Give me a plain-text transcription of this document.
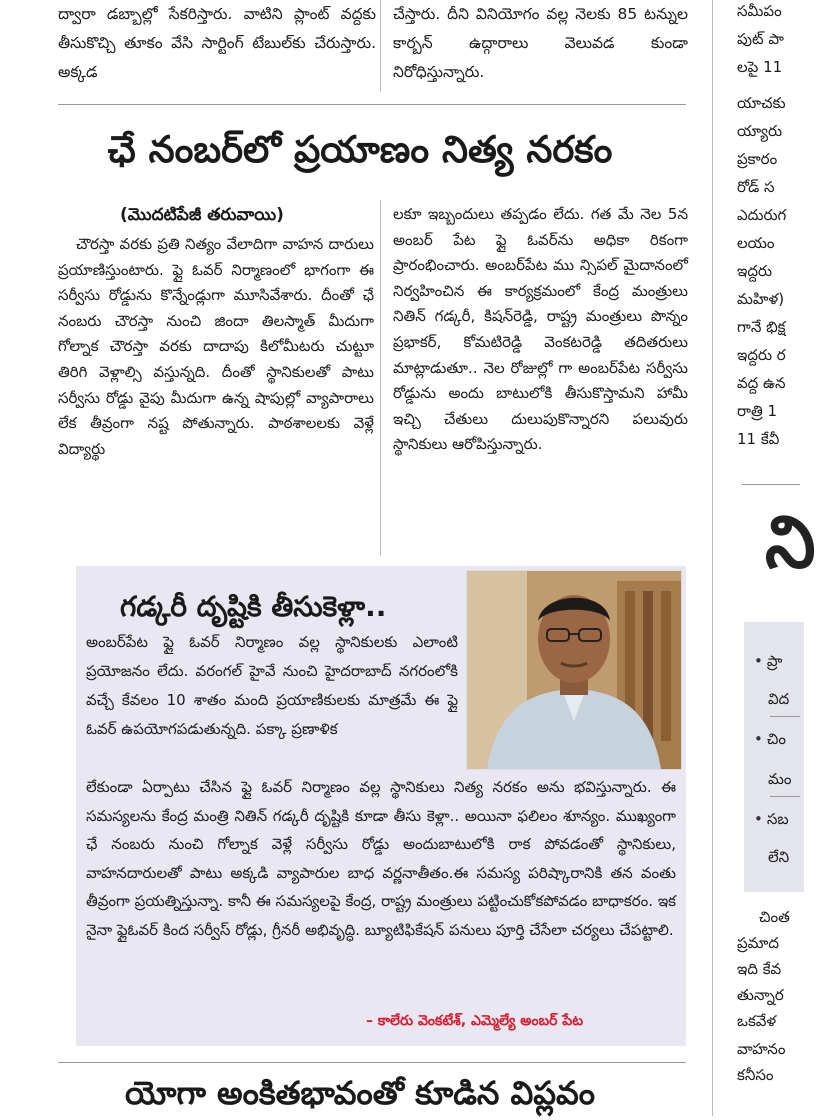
ద్వారా డబ్బాల్లో సేకరిస్తారు. వాటిని ప్లాంట్ వద్దకు తీసుకొచ్చి తూకం వేసి సార్టింగ్ టేబుల్‌కు చేరుస్తారు. అక్కడ

చేస్తారు. దీని వినియోగం వల్ల నెలకు 85 టన్నుల కార్బన్ ఉద్గారాలు వెలువడ కుండా నిరోధిస్తున్నారు.

ఛే నంబర్‌లో ప్రయాణం నిత్య నరకం
(మొదటిపేజీ తరువాయి)

చౌరస్తా వరకు ప్రతి నిత్యం వేలాదిగా వాహన దారులు ప్రయాణిస్తుంటారు. ఫ్లై ఓవర్ నిర్మాణంలో భాగంగా ఈ సర్వీసు రోడ్డును కొన్నేండ్లుగా మూసివేశారు. దీంతో ఛే నంబరు చౌరస్తా నుంచి జిందా తిలస్మాత్ మీదుగా గోల్నాక చౌరస్తా వరకు దాదాపు కిలోమీటరు చుట్టూ తిరిగి వెళ్లాల్సి వస్తున్నది. దీంతో స్థానికులతో పాటు సర్వీసు రోడ్డు వైపు మీదుగా ఉన్న షాపుల్లో వ్యాపారాలు లేక తీవ్రంగా నష్ట పోతున్నారు. పాఠశాలలకు వెళ్లే విద్యార్థు

లకూ ఇబ్బందులు తప్పడం లేదు. గత మే నెల 5న అంబర్ పేట ఫ్లై ఓవర్‌ను అధికా రికంగా ప్రారంభించారు. అంబర్‌పేట ము న్సిపల్ మైదానంలో నిర్వహించిన ఈ కార్యక్రమంలో కేంద్ర మంత్రులు నితిన్ గడ్కరీ, కిషన్‌రెడ్డి, రాష్ట్ర మంత్రులు పొన్నం ప్రభాకర్, కోమటిరెడ్డి వెంకటరెడ్డి తదితరులు మాట్లాడుతూ.. నెల రోజుల్లో గా అంబర్‌పేట సర్వీసు రోడ్డును అందు బాటులోకి తీసుకొస్తామని హామీ ఇచ్చి చేతులు దులుపుకొన్నారని పలువురు స్థానికులు ఆరోపిస్తున్నారు.

గడ్కరీ దృష్టికి తీసుకెళ్లా..

అంబర్‌పేట ఫ్లై ఓవర్ నిర్మాణం వల్ల స్థానికులకు ఎలాంటి ప్రయోజనం లేదు. వరంగల్ హైవే నుంచి హైదరాబాద్ నగరంలోకి వచ్చే కేవలం 10 శాతం మంది ప్రయాణికులకు మాత్రమే ఈ ఫ్లై ఓవర్ ఉపయోగపడుతున్నది. పక్కా ప్రణాళిక

లేకుండా ఏర్పాటు చేసిన ఫ్లై ఓవర్ నిర్మాణం వల్ల స్థానికులు నిత్య నరకం అను భవిస్తున్నారు. ఈ సమస్యలను కేంద్ర మంత్రి నితిన్ గడ్కరీ దృష్టికి కూడా తీసు కెళ్లా.. అయినా ఫలిలం శూన్యం. ముఖ్యంగా ఛే నంబరు నుంచి గోల్నాక వెళ్లే సర్వీసు రోడ్డు అందుబాటులోకి రాక పోవడంతో స్థానికులు, వాహనదారులతో పాటు అక్కడి వ్యాపారుల బాధ వర్ణనాతీతం.ఈ సమస్య పరిష్కారానికి తన వంతు తీవ్రంగా ప్రయత్నిస్తున్నా. కానీ ఈ సమస్యలపై కేంద్ర, రాష్ట్ర మంత్రులు పట్టించుకోకపోవడం బాధాకరం. ఇక నైనా ఫ్లైఓవర్ కింద సర్వీస్ రోడ్లు, గ్రీనరీ అభివృద్ధి. బ్యూటిఫికేషన్ పనులు పూర్తి చేసేలా చర్యలు చేపట్టాలి.

– కాలేరు వెంకటేశ్, ఎమ్మెల్యే అంబర్ పేట
యోగా అంకితభావంతో కూడిన విప్లవం
సమీపం
పుట్ పా
లపై 11
యాచకు
య్యారు
ప్రకారం
రోడ్ స
ఎదురుగ
లయం
ఇద్దరు
మహిళ)
గానే భిక్ష
ఇద్దరు ర
వద్ద ఉన
రాత్రి 1
11 కేవీ
ని
• ప్రా
విద
• చిం
మం
• సబ
లేని
చింత
ప్రమాద
ఇది కేవ
తున్నార
ఒకవేళ
వాహనం
కనీసం
